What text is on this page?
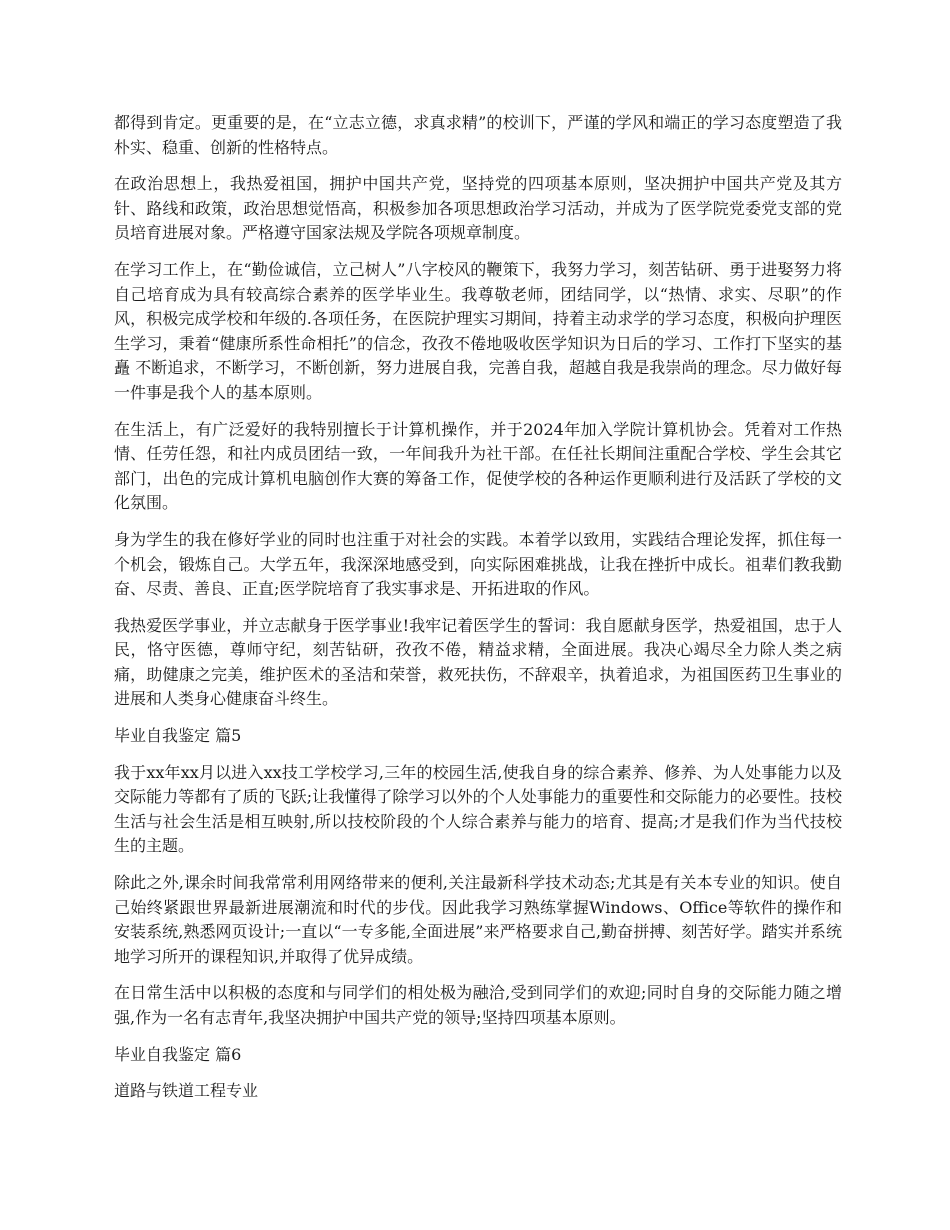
都得到肯定。更重要的是，在“立志立德，求真求精”的校训下，严谨的学风和端正的学习态度塑造了我朴实、稳重、创新的性格特点。

在政治思想上，我热爱祖国，拥护中国共产党，坚持党的四项基本原则，坚决拥护中国共产党及其方针、路线和政策，政治思想觉悟高，积极参加各项思想政治学习活动，并成为了医学院党委党支部的党员培育进展对象。严格遵守国家法规及学院各项规章制度。

在学习工作上，在“勤俭诚信，立己树人”八字校风的鞭策下，我努力学习，刻苦钻研、勇于进娶努力将自己培育成为具有较高综合素养的医学毕业生。我尊敬老师，团结同学，以“热情、求实、尽职”的作风，积极完成学校和年级的.各项任务，在医院护理实习期间，持着主动求学的学习态度，积极向护理医生学习，秉着“健康所系性命相托”的信念，孜孜不倦地吸收医学知识为日后的学习、工作打下坚实的基矗 不断追求，不断学习，不断创新，努力进展自我，完善自我，超越自我是我崇尚的理念。尽力做好每一件事是我个人的基本原则。

在生活上，有广泛爱好的我特别擅长于计算机操作，并于2024年加入学院计算机协会。凭着对工作热情、任劳任怨，和社内成员团结一致，一年间我升为社干部。在任社长期间注重配合学校、学生会其它部门，出色的完成计算机电脑创作大赛的筹备工作，促使学校的各种运作更顺利进行及活跃了学校的文化氛围。

身为学生的我在修好学业的同时也注重于对社会的实践。本着学以致用，实践结合理论发挥，抓住每一个机会，锻炼自己。大学五年，我深深地感受到，向实际困难挑战，让我在挫折中成长。祖辈们教我勤奋、尽责、善良、正直;医学院培育了我实事求是、开拓进取的作风。

我热爱医学事业，并立志献身于医学事业!我牢记着医学生的誓词：我自愿献身医学，热爱祖国，忠于人民，恪守医德，尊师守纪，刻苦钻研，孜孜不倦，精益求精，全面进展。我决心竭尽全力除人类之病痛，助健康之完美，维护医术的圣洁和荣誉，救死扶伤，不辞艰辛，执着追求，为祖国医药卫生事业的进展和人类身心健康奋斗终生。

毕业自我鉴定 篇5

我于xx年xx月以进入xx技工学校学习,三年的校园生活,使我自身的综合素养、修养、为人处事能力以及交际能力等都有了质的飞跃;让我懂得了除学习以外的个人处事能力的重要性和交际能力的必要性。技校生活与社会生活是相互映射,所以技校阶段的个人综合素养与能力的培育、提高;才是我们作为当代技校生的主题。

除此之外,课余时间我常常利用网络带来的便利,关注最新科学技术动态;尤其是有关本专业的知识。使自己始终紧跟世界最新进展潮流和时代的步伐。因此我学习熟练掌握Windows、Office等软件的操作和安装系统,熟悉网页设计;一直以“一专多能,全面进展”来严格要求自己,勤奋拼搏、刻苦好学。踏实并系统地学习所开的课程知识,并取得了优异成绩。

在日常生活中以积极的态度和与同学们的相处极为融洽,受到同学们的欢迎;同时自身的交际能力随之增强,作为一名有志青年,我坚决拥护中国共产党的领导;坚持四项基本原则。

毕业自我鉴定 篇6

道路与铁道工程专业
